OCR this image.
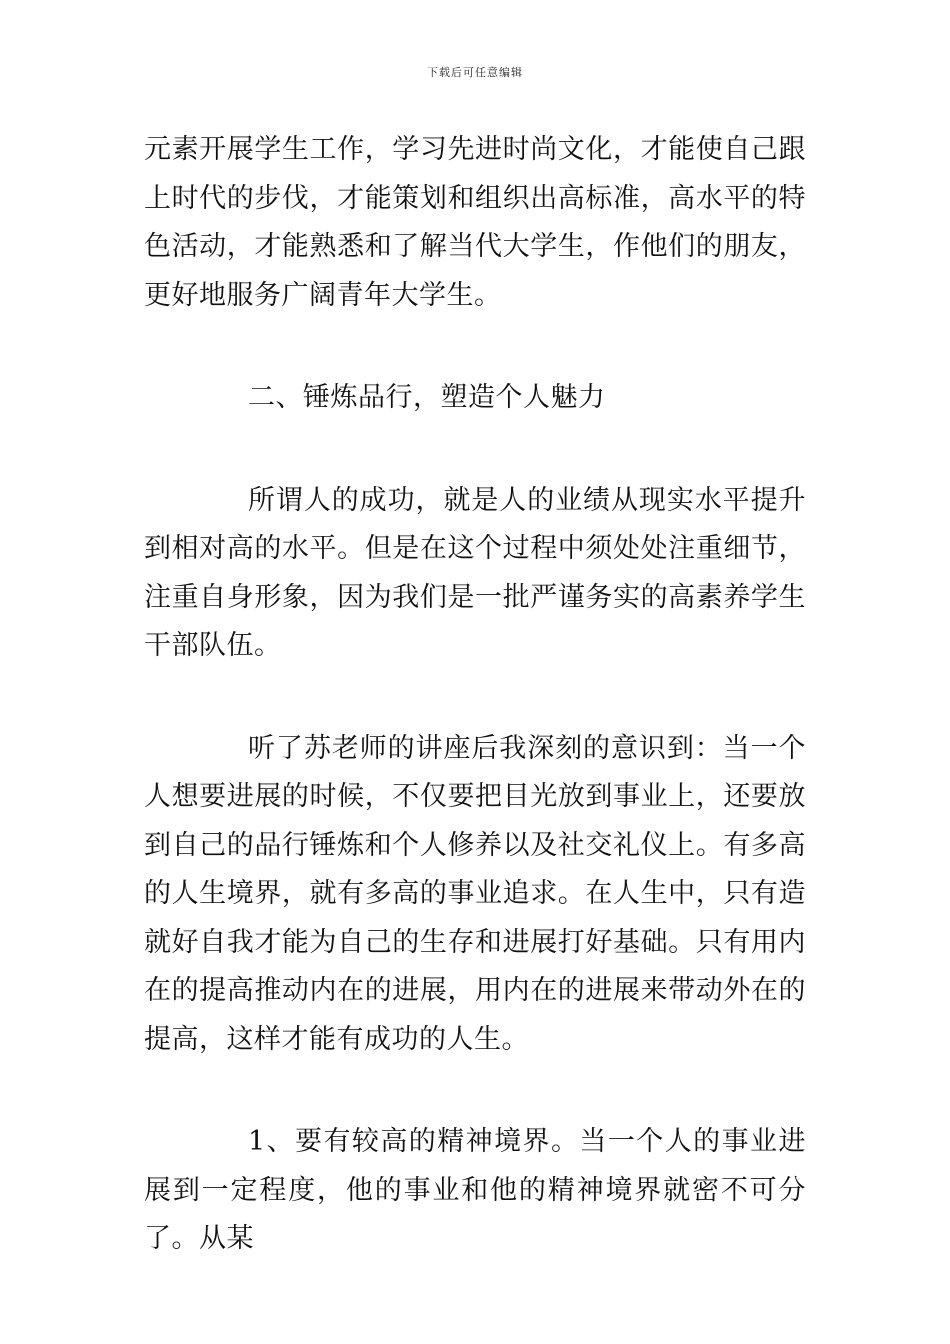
下载后可任意编辑

元素开展学生工作，学习先进时尚文化，才能使自己跟上时代的步伐，才能策划和组织出高标准，高水平的特色活动，才能熟悉和了解当代大学生，作他们的朋友，更好地服务广阔青年大学生。

二、锤炼品行，塑造个人魅力

所谓人的成功，就是人的业绩从现实水平提升到相对高的水平。但是在这个过程中须处处注重细节，注重自身形象，因为我们是一批严谨务实的高素养学生干部队伍。

听了苏老师的讲座后我深刻的意识到：当一个人想要进展的时候，不仅要把目光放到事业上，还要放到自己的品行锤炼和个人修养以及社交礼仪上。有多高的人生境界，就有多高的事业追求。在人生中，只有造就好自我才能为自己的生存和进展打好基础。只有用内在的提高推动内在的进展，用内在的进展来带动外在的提高，这样才能有成功的人生。

1、要有较高的精神境界。当一个人的事业进展到一定程度，他的事业和他的精神境界就密不可分了。从某
